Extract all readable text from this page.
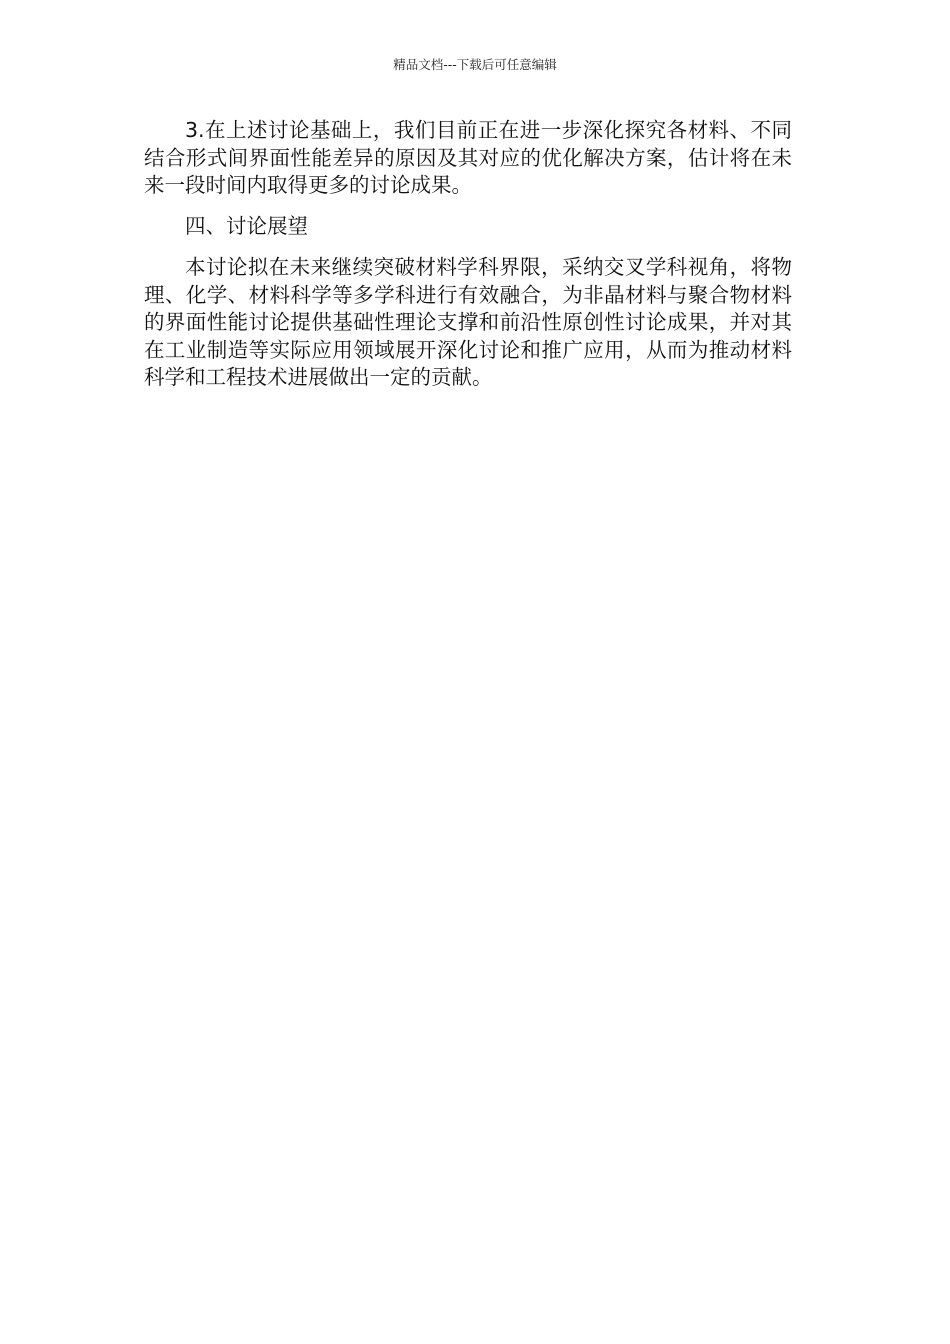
精品文档---下载后可任意编辑

3.在上述讨论基础上，我们目前正在进一步深化探究各材料、不同结合形式间界面性能差异的原因及其对应的优化解决方案，估计将在未来一段时间内取得更多的讨论成果。

四、讨论展望

本讨论拟在未来继续突破材料学科界限，采纳交叉学科视角，将物理、化学、材料科学等多学科进行有效融合，为非晶材料与聚合物材料的界面性能讨论提供基础性理论支撑和前沿性原创性讨论成果，并对其在工业制造等实际应用领域展开深化讨论和推广应用，从而为推动材料科学和工程技术进展做出一定的贡献。
